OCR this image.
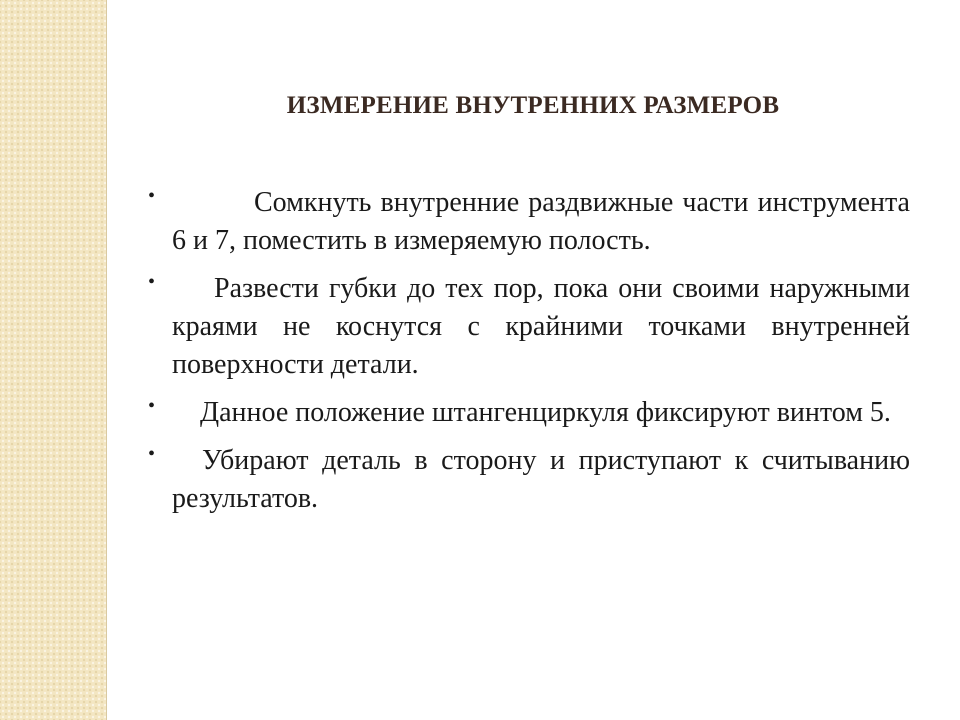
ИЗМЕРЕНИЕ ВНУТРЕННИХ РАЗМЕРОВ
•	Сомкнуть внутренние раздвижные части инструмента 6 и 7, поместить в измеряемую полость.
•	Развести губки до тех пор, пока они своими наружными краями не коснутся с крайними точками внутренней поверхности детали.
•	Данное положение штангенциркуля фиксируют винтом 5.
•	Убирают деталь в сторону и приступают к считыванию результатов.
